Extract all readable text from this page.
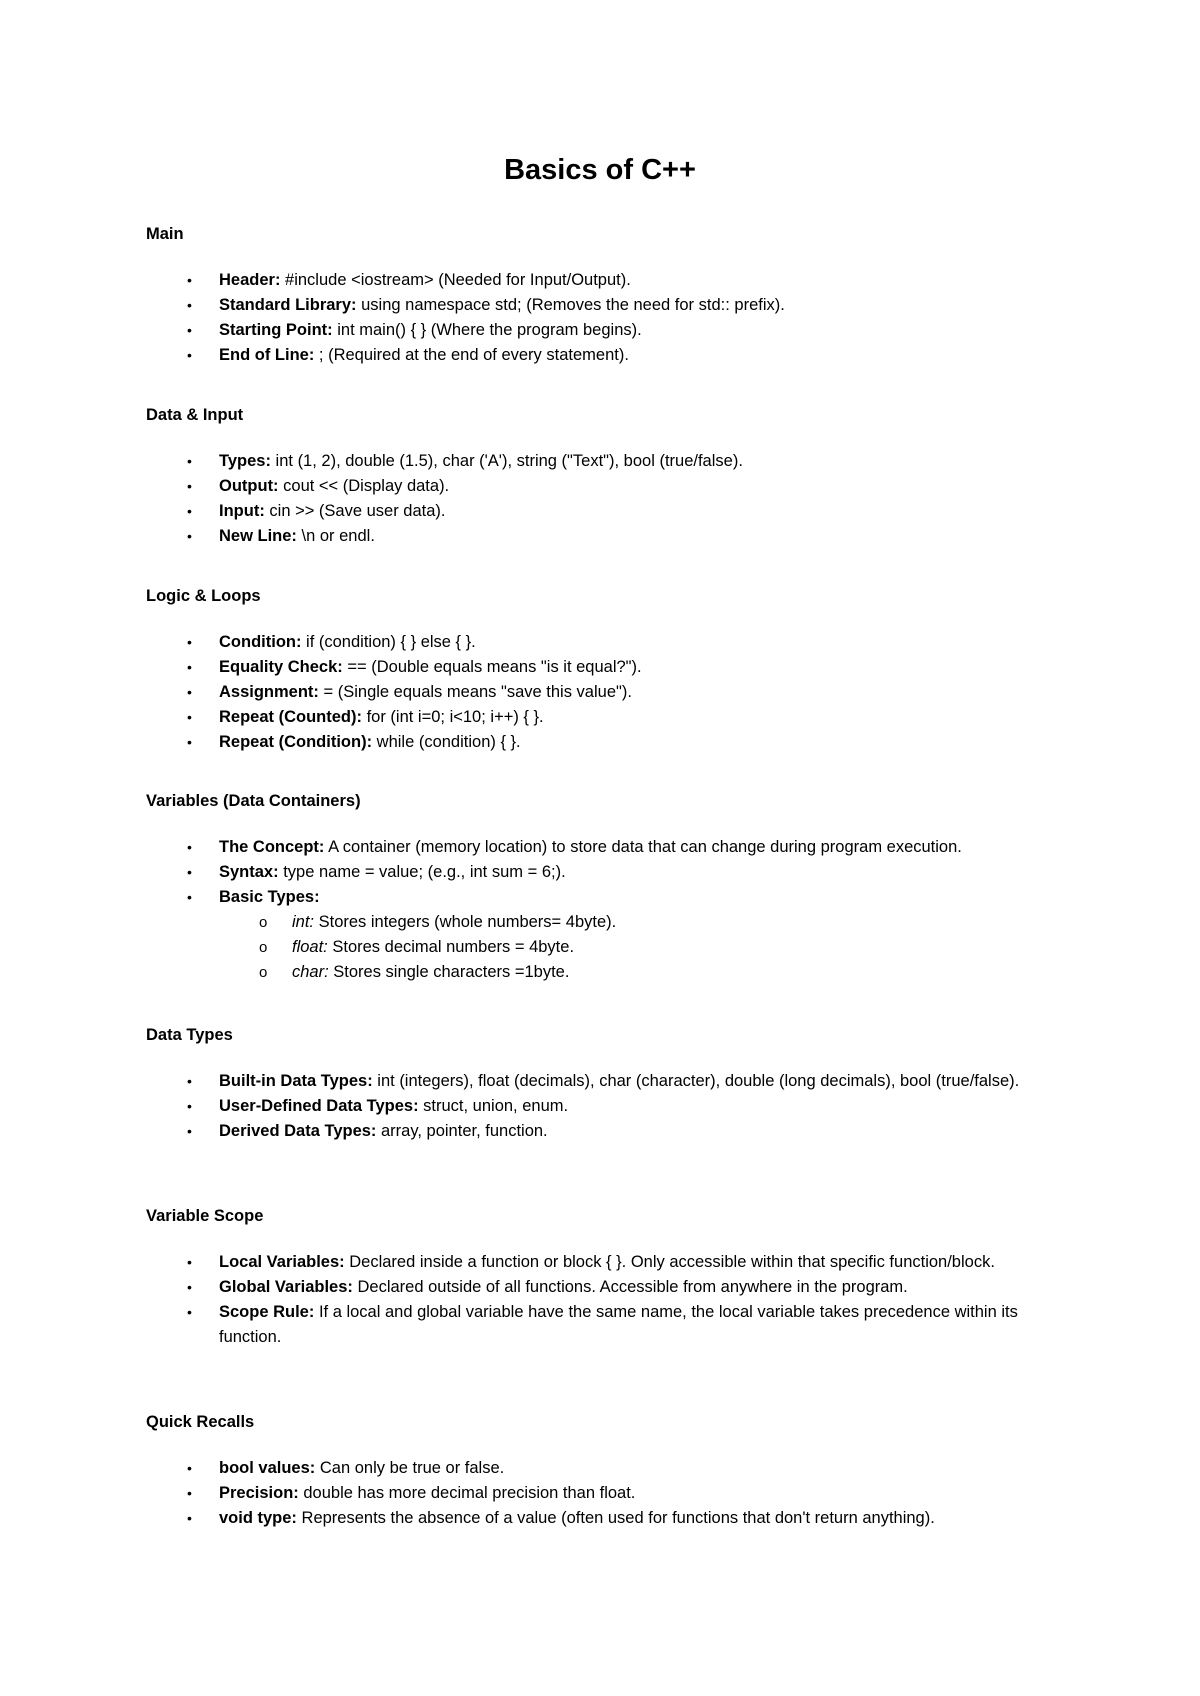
Basics of C++
Main
•	Header: #include <iostream> (Needed for Input/Output).
•	Standard Library: using namespace std; (Removes the need for std:: prefix).
•	Starting Point: int main() { } (Where the program begins).
•	End of Line: ; (Required at the end of every statement).
Data & Input
•	Types: int (1, 2), double (1.5), char ('A'), string ("Text"), bool (true/false).
•	Output: cout << (Display data).
•	Input: cin >> (Save user data).
•	New Line: \n or endl.
Logic & Loops
•	Condition: if (condition) { } else { }.
•	Equality Check: == (Double equals means "is it equal?").
•	Assignment: = (Single equals means "save this value").
•	Repeat (Counted): for (int i=0; i<10; i++) { }.
•	Repeat (Condition): while (condition) { }.
Variables (Data Containers)
•	The Concept: A container (memory location) to store data that can change during program execution.
•	Syntax: type name = value; (e.g., int sum = 6;).
•	Basic Types:
o int: Stores integers (whole numbers= 4byte).
o float: Stores decimal numbers = 4byte.
o char: Stores single characters =1byte.
Data Types
•	Built-in Data Types: int (integers), float (decimals), char (character), double (long decimals), bool (true/false).
•	User-Defined Data Types: struct, union, enum.
•	Derived Data Types: array, pointer, function.
Variable Scope
•	Local Variables: Declared inside a function or block { }. Only accessible within that specific function/block.
•	Global Variables: Declared outside of all functions. Accessible from anywhere in the program.
•	Scope Rule: If a local and global variable have the same name, the local variable takes precedence within its function.
Quick Recalls
•	bool values: Can only be true or false.
•	Precision: double has more decimal precision than float.
•	void type: Represents the absence of a value (often used for functions that don't return anything).
